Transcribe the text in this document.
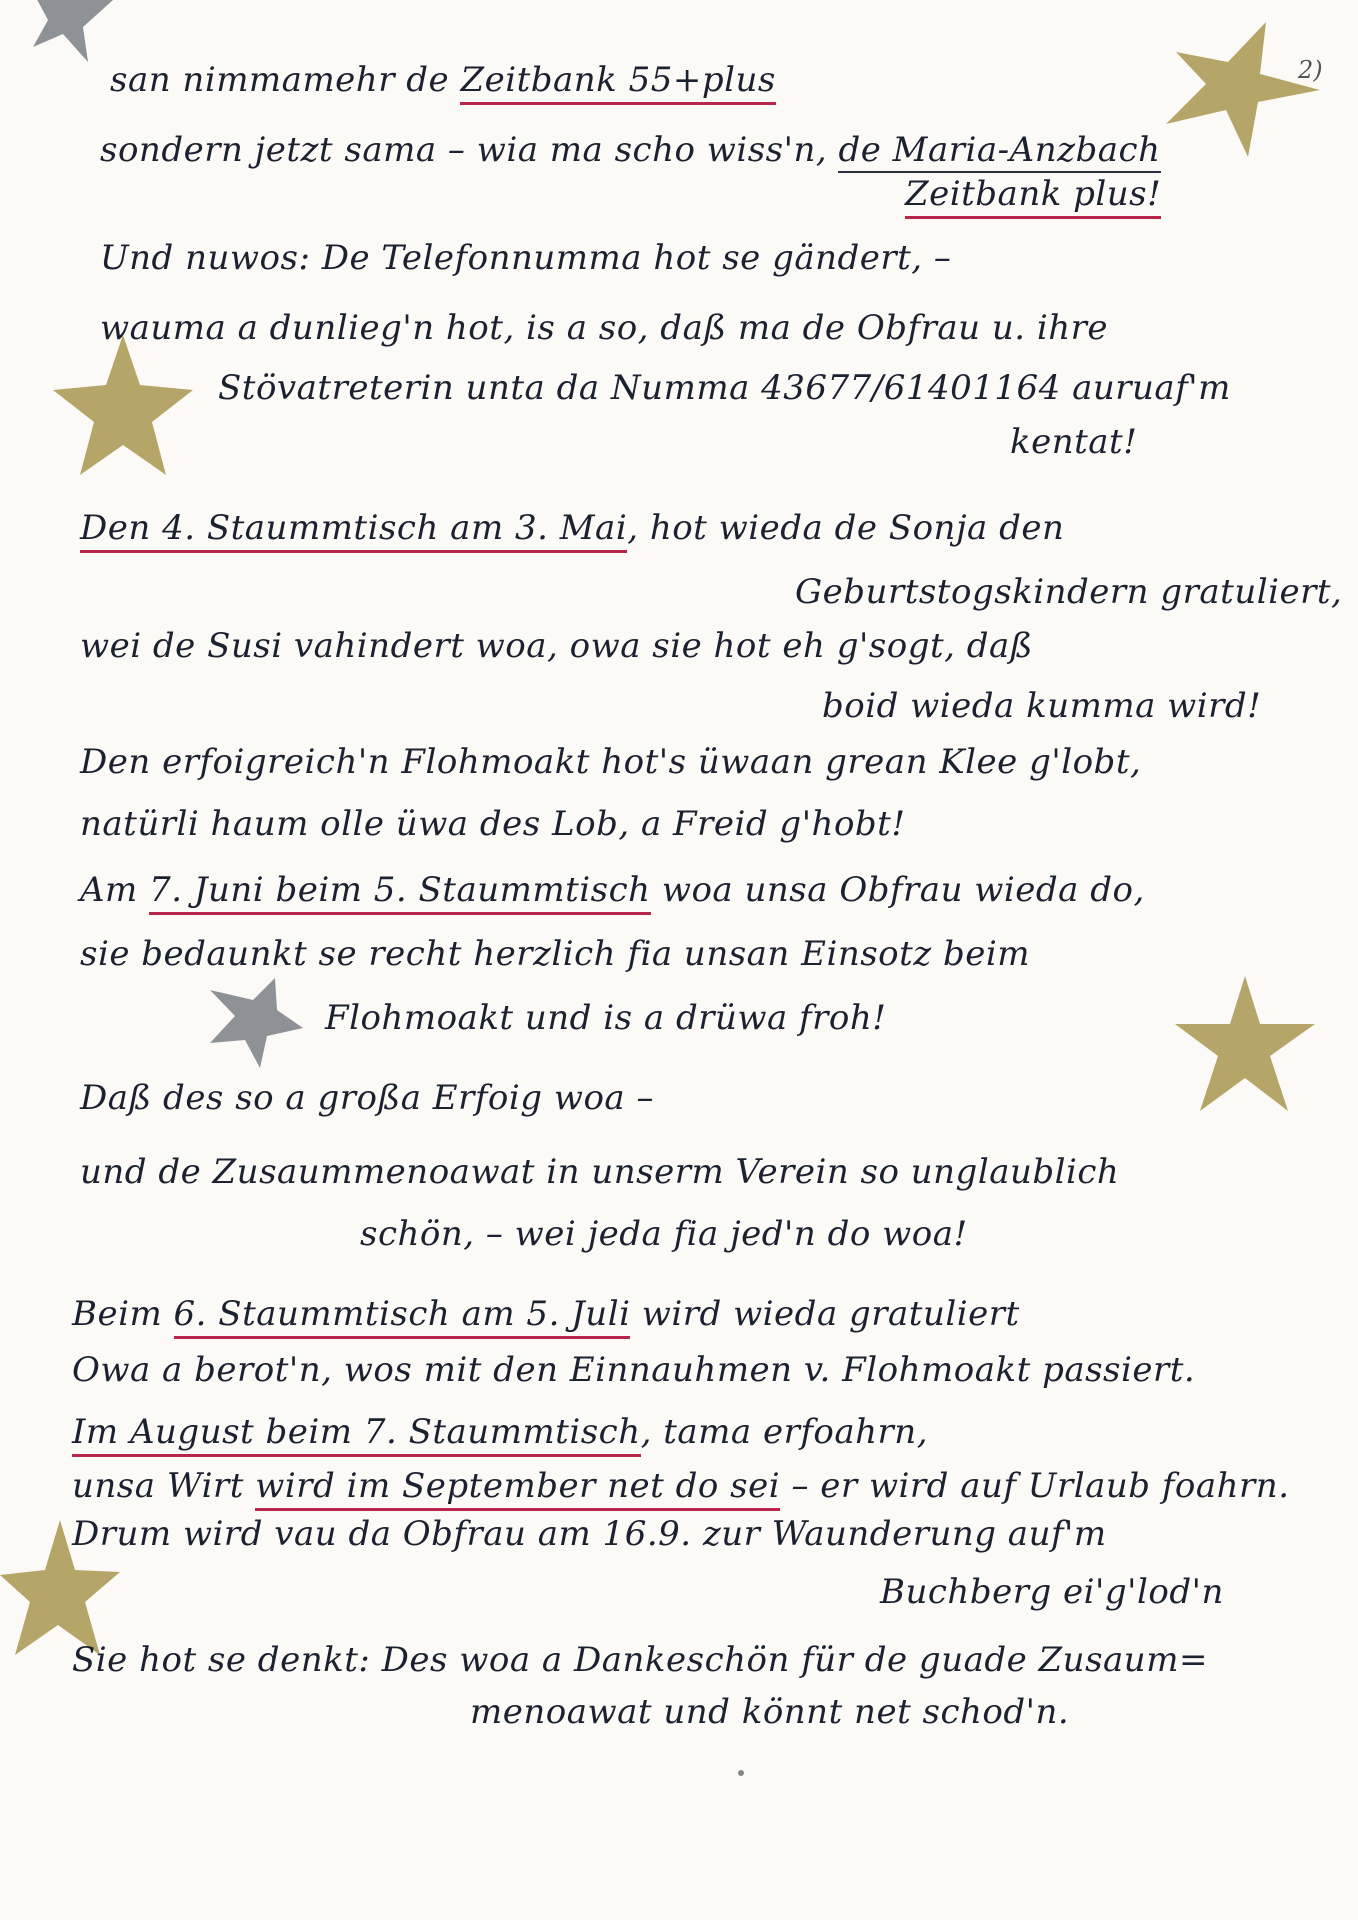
2)
san nimmamehr de Zeitbank 55+plus
sondern jetzt sama – wia ma scho wiss'n, de Maria-Anzbach
Zeitbank plus!
Und nuwos: De Telefonnumma hot se gändert, –
wauma a dunlieg'n hot, is a so, daß ma de Obfrau u. ihre
Stövatreterin unta da Numma 43677/61401164 auruaf'm
kentat!
Den 4. Staummtisch am 3. Mai, hot wieda de Sonja den
Geburtstogskindern gratuliert,
wei de Susi vahindert woa, owa sie hot eh g'sogt, daß
boid wieda kumma wird!
Den erfoigreich'n Flohmoakt hot's üwaan grean Klee g'lobt,
natürli haum olle üwa des Lob, a Freid g'hobt!
Am 7. Juni beim 5. Staummtisch woa unsa Obfrau wieda do,
sie bedaunkt se recht herzlich fia unsan Einsotz beim
Flohmoakt und is a drüwa froh!
Daß des so a großa Erfoig woa –
und de Zusaummenoawat in unserm Verein so unglaublich
schön, – wei jeda fia jed'n do woa!
Beim 6. Staummtisch am 5. Juli wird wieda gratuliert
Owa a berot'n, wos mit den Einnauhmen v. Flohmoakt passiert.
Im August beim 7. Staummtisch, tama erfoahrn,
unsa Wirt wird im September net do sei – er wird auf Urlaub foahrn.
Drum wird vau da Obfrau am 16.9. zur Waunderung auf'm
Buchberg ei'g'lod'n
Sie hot se denkt: Des woa a Dankeschön für de guade Zusaum=
menoawat und könnt net schod'n.
